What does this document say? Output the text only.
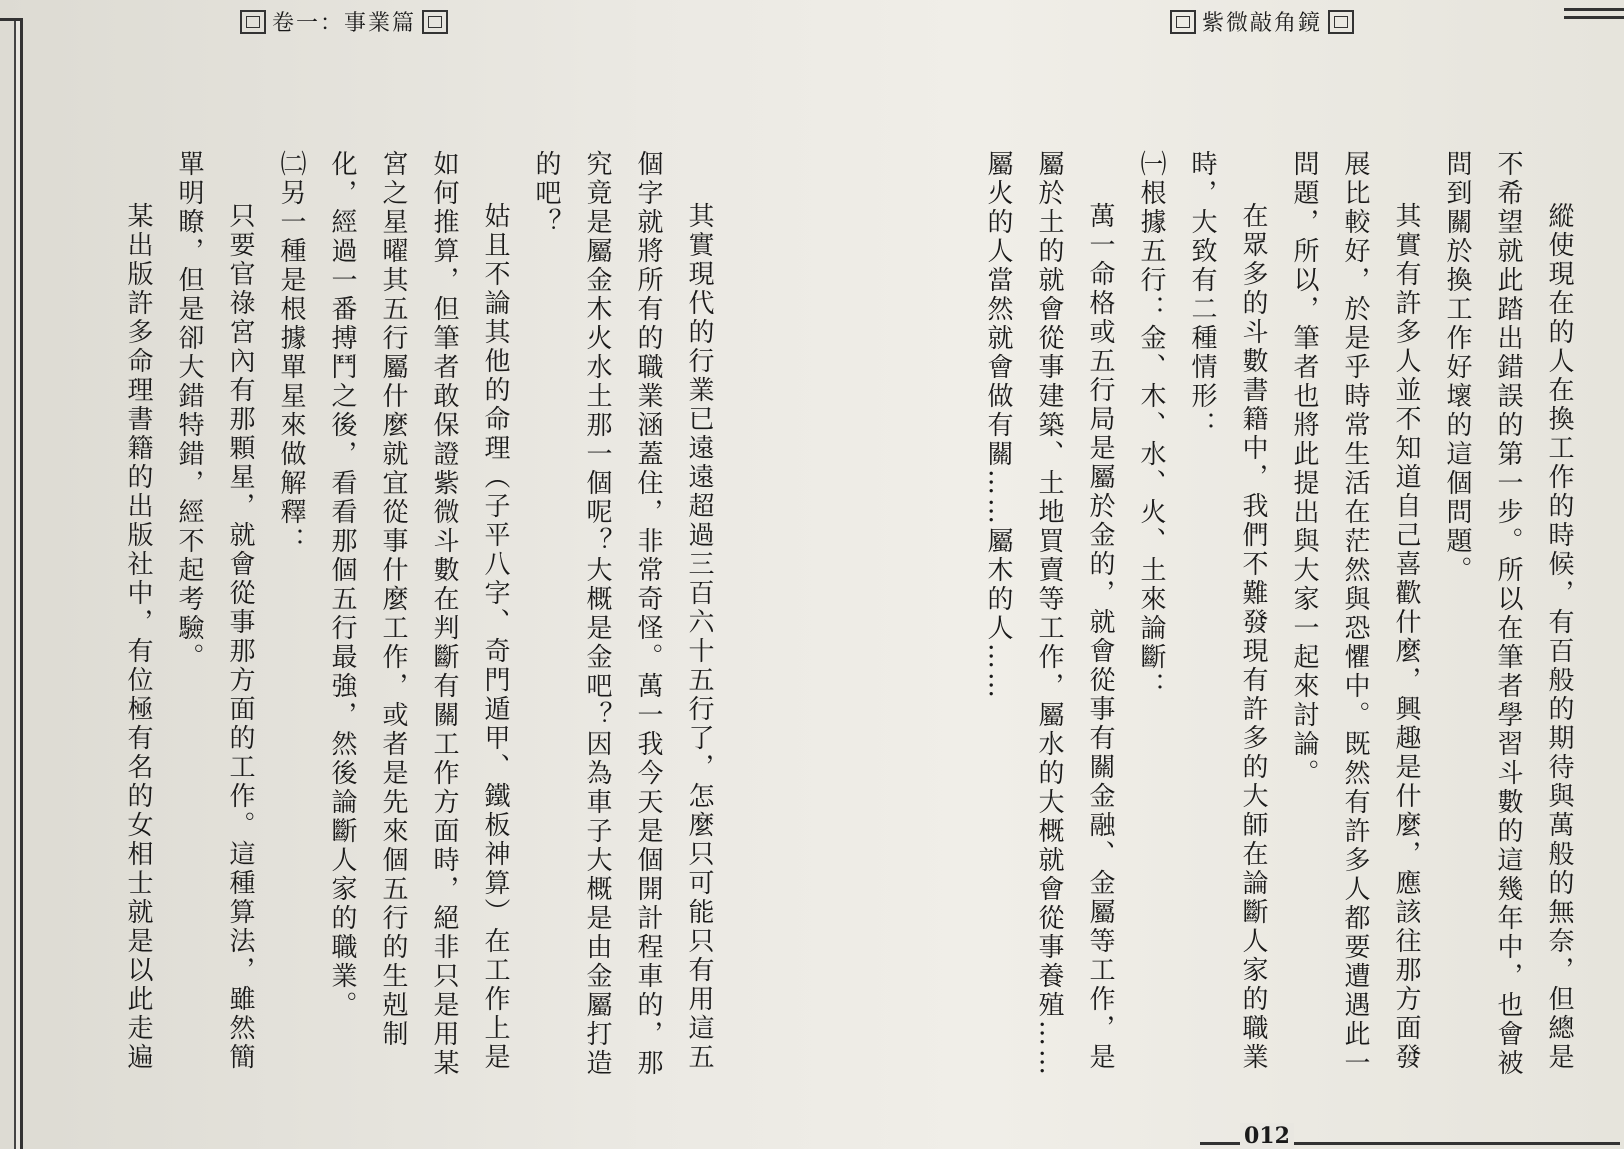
卷一：事業篇	紫微敲角鏡
縱使現在的人在換工作的時候，有百般的期待與萬般的無奈，但總是
不希望就此踏出錯誤的第一步。所以在筆者學習斗數的這幾年中，也會被
問到關於換工作好壞的這個問題。
其實有許多人並不知道自己喜歡什麼，興趣是什麼，應該往那方面發
展比較好，於是乎時常生活在茫然與恐懼中。既然有許多人都要遭遇此一
問題，所以，筆者也將此提出與大家一起來討論。
在眾多的斗數書籍中，我們不難發現有許多的大師在論斷人家的職業
時，大致有二種情形：
㈠根據五行：金、木、水、火、土來論斷：
萬一命格或五行局是屬於金的，就會從事有關金融、金屬等工作，是
屬於土的就會從事建築、土地買賣等工作，屬水的大概就會從事養殖……
屬火的人當然就會做有關……屬木的人……
其實現代的行業已遠遠超過三百六十五行了，怎麼只可能只有用這五
個字就將所有的職業涵蓋住，非常奇怪。萬一我今天是個開計程車的，那
究竟是屬金木火水土那一個呢？大概是金吧？因為車子大概是由金屬打造
的吧？
姑且不論其他的命理（子平八字、奇門遁甲、鐵板神算）在工作上是
如何推算，但筆者敢保證紫微斗數在判斷有關工作方面時，絕非只是用某
宮之星曜其五行屬什麼就宜從事什麼工作，或者是先來個五行的生剋制
化，經過一番搏鬥之後，看看那個五行最強，然後論斷人家的職業。
㈡另一種是根據單星來做解釋：
只要官祿宮內有那顆星，就會從事那方面的工作。這種算法，雖然簡
單明瞭，但是卻大錯特錯，經不起考驗。
某出版許多命理書籍的出版社中，有位極有名的女相士就是以此走遍
012
